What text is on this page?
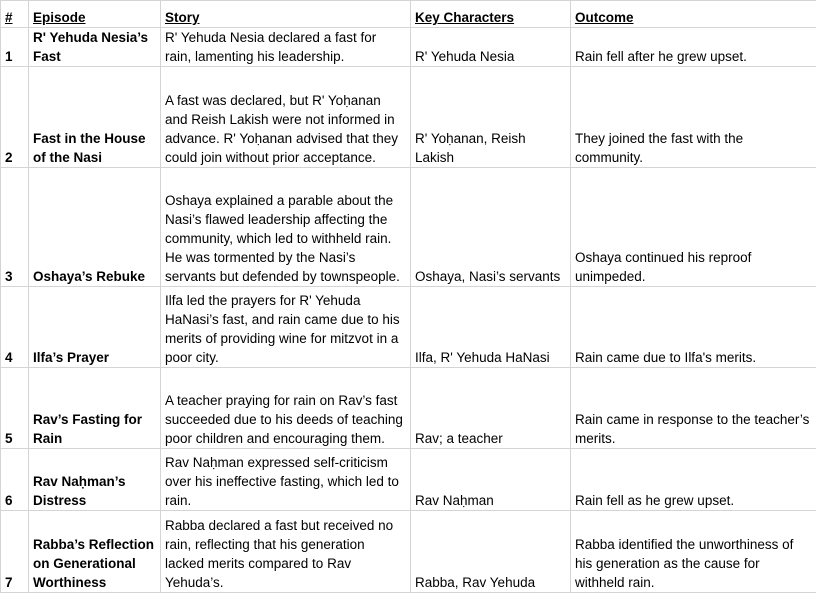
#	Episode	Story	Key Characters	Outcome
1	R' Yehuda Nesia’s Fast	R' Yehuda Nesia declared a fast for rain, lamenting his leadership.	R' Yehuda Nesia	Rain fell after he grew upset.
2	Fast in the House of the Nasi	A fast was declared, but R' Yoḥanan and Reish Lakish were not informed in advance. R' Yoḥanan advised that they could join without prior acceptance.	R' Yoḥanan, Reish Lakish	They joined the fast with the community.
3	Oshaya’s Rebuke	Oshaya explained a parable about the Nasi’s flawed leadership affecting the community, which led to withheld rain. He was tormented by the Nasi’s servants but defended by townspeople.	Oshaya, Nasi’s servants	Oshaya continued his reproof unimpeded.
4	Ilfa’s Prayer	Ilfa led the prayers for R' Yehuda HaNasi’s fast, and rain came due to his merits of providing wine for mitzvot in a poor city.	Ilfa, R' Yehuda HaNasi	Rain came due to Ilfa's merits.
5	Rav’s Fasting for Rain	A teacher praying for rain on Rav’s fast succeeded due to his deeds of teaching poor children and encouraging them.	Rav; a teacher	Rain came in response to the teacher’s merits.
6	Rav Naḥman’s Distress	Rav Naḥman expressed self-criticism over his ineffective fasting, which led to rain.	Rav Naḥman	Rain fell as he grew upset.
7	Rabba’s Reflection on Generational Worthiness	Rabba declared a fast but received no rain, reflecting that his generation lacked merits compared to Rav Yehuda’s.	Rabba, Rav Yehuda	Rabba identified the unworthiness of his generation as the cause for withheld rain.
